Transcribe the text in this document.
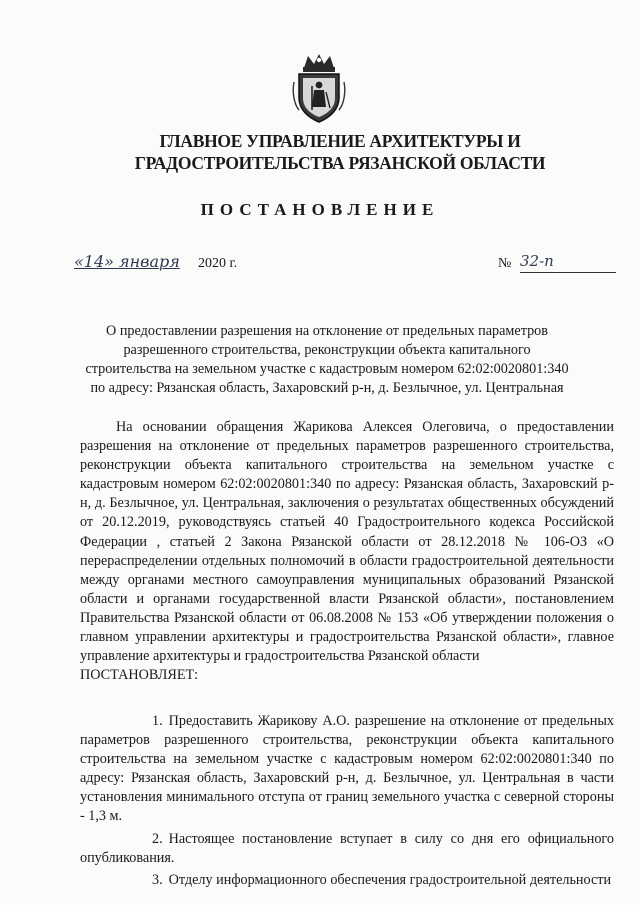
ГЛАВНОЕ УПРАВЛЕНИЕ АРХИТЕКТУРЫ И ГРАДОСТРОИТЕЛЬСТВА РЯЗАНСКОЙ ОБЛАСТИ
ПОСТАНОВЛЕНИЕ
«14» января 2020 г.	№ 32-п
О предоставлении разрешения на отклонение от предельных параметров разрешенного строительства, реконструкции объекта капитального строительства на земельном участке с кадастровым номером 62:02:0020801:340 по адресу: Рязанская область, Захаровский р-н, д. Безлычное, ул. Центральная

На основании обращения Жарикова Алексея Олеговича, о предоставлении разрешения на отклонение от предельных параметров разрешенного строительства, реконструкции объекта капитального строительства на земельном участке с кадастровым номером 62:02:0020801:340 по адресу: Рязанская область, Захаровский р-н, д. Безлычное, ул. Центральная, заключения о результатах общественных обсуждений от 20.12.2019, руководствуясь статьей 40 Градостроительного кодекса Российской Федерации , статьей 2 Закона Рязанской области от 28.12.2018 № 106-ОЗ «О перераспределении отдельных полномочий в области градостроительной деятельности между органами местного самоуправления муниципальных образований Рязанской области и органами государственной власти Рязанской области», постановлением Правительства Рязанской области от 06.08.2008 № 153 «Об утверждении положения о главном управлении архитектуры и градостроительства Рязанской области», главное управление архитектуры и градостроительства Рязанской области

ПОСТАНОВЛЯЕТ:

1. Предоставить Жарикову А.О. разрешение на отклонение от предельных параметров разрешенного строительства, реконструкции объекта капитального строительства на земельном участке с кадастровым номером 62:02:0020801:340 по адресу: Рязанская область, Захаровский р-н, д. Безлычное, ул. Центральная в части установления минимального отступа от границ земельного участка с северной стороны - 1,3 м.

2. Настоящее постановление вступает в силу со дня его официального опубликования.

3. Отделу информационного обеспечения градостроительной деятельности
